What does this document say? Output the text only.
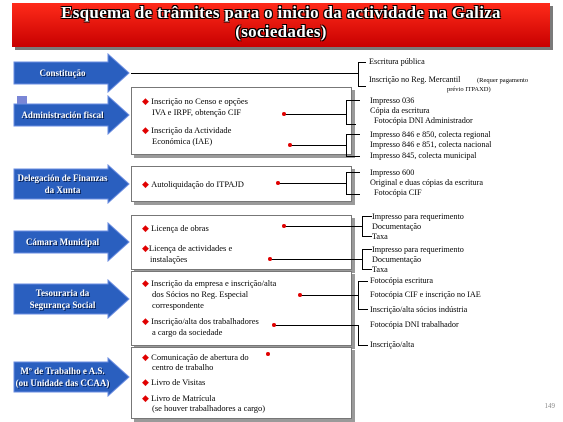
Esquema de trâmites para o inicio da actividade na Galiza
(sociedades)
Constitução
Administración fiscal
Delegación de Finanzas da Xunta
Cámara Municipal
Tesouraria da Segurança Social
Mº de Trabalho e A.S. (ou Unidade das CCAA)
◆ Inscrição no Censo e opções
IVA e IRPF, obtenção CIF
◆ Inscrição da Actividade
Económica (IAE)
◆ Autoliquidação do ITPAJD
◆ Licença de obras
◆Licença de actividades e
instalações
◆ Inscrição da empresa e inscrição/alta
dos Sócios no Reg. Especial
correspondente
◆ Inscrição/alta dos trabalhadores
a cargo da sociedade
◆ Comunicação de abertura do
centro de trabalho
◆ Livro de Visitas
◆ Livro de Matrícula
(se houver trabalhadores a cargo)
Escritura pública
Inscrição no Reg. Mercantil	(Requer pagamento
prévio ITPAXD)
Impresso 036
Cópia da escritura
Fotocópia DNI Administrador
Impresso 846 e 850, colecta regional
Impresso 846 e 851, colecta nacional
Impresso 845, colecta municipal
Impresso 600
Original e duas cópias da escritura
Fotocópia CIF
Impresso para requerimento
Documentação
Taxa
Impresso para requerimento
Documentação
Taxa
Fotocópia escritura
Fotocópia CIF e inscrição no IAE
Inscrição/alta sócios indústria
Fotocópia DNI trabalhador
Inscrição/alta
149
